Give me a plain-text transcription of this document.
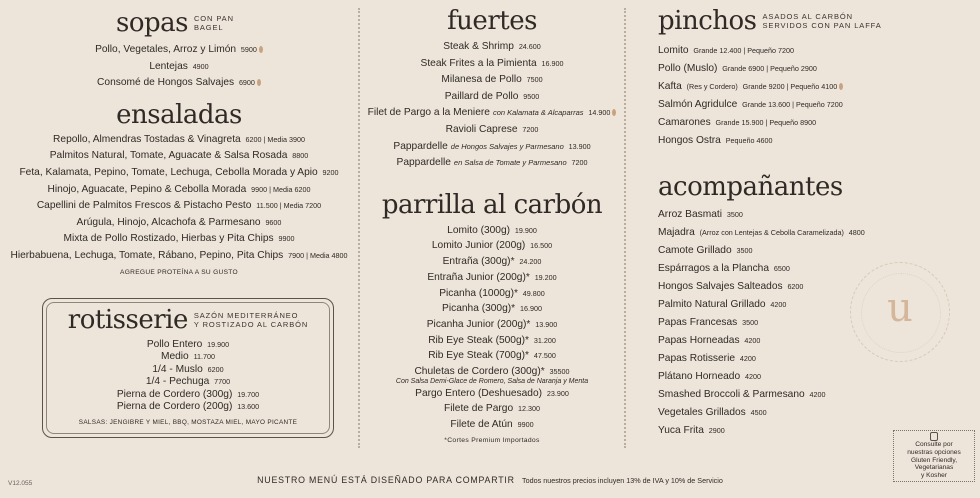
sopas CON PAN BAGEL
Pollo, Vegetales, Arroz y Limón 5900
Lentejas 4900
Consomé de Hongos Salvajes 6900
ensaladas
Repollo, Almendras Tostadas & Vinagreta 6200 | Media 3900
Palmitos Natural, Tomate, Aguacate & Salsa Rosada 8800
Feta, Kalamata, Pepino, Tomate, Lechuga, Cebolla Morada y Apio 9200
Hinojo, Aguacate, Pepino & Cebolla Morada 9900 | Media 6200
Capellini de Palmitos Frescos & Pistacho Pesto 11.500 | Media 7200
Arúgula, Hinojo, Alcachofa & Parmesano 9600
Mixta de Pollo Rostizado, Hierbas y Pita Chips 9900
Hierbabuena, Lechuga, Tomate, Rábano, Pepino, Pita Chips 7900 | Media 4800
AGREGUE PROTEÍNA A SU GUSTO
rotisserie SAZÓN MEDITERRÁNEO
Y ROSTIZADO AL CARBÓN
Pollo Entero 19.900
Medio 11.700
1/4 - Muslo 6200
1/4 - Pechuga 7700
Pierna de Cordero (300g) 19.700
Pierna de Cordero (200g) 13.600
SALSAS: JENGIBRE Y MIEL, BBQ, MOSTAZA MIEL, MAYO PICANTE
fuertes
Steak & Shrimp 24.600
Steak Frites a la Pimienta 16.900
Milanesa de Pollo 7500
Paillard de Pollo 9500
Filet de Pargo a la Meniere con Kalamata & Alcaparras 14.900
Ravioli Caprese 7200
Pappardelle de Hongos Salvajes y Parmesano 13.900
Pappardelle en Salsa de Tomate y Parmesano 7200
parrilla al carbón
Lomito (300g) 19.900
Lomito Junior (200g) 16.500
Entraña (300g)* 24.200
Entraña Junior (200g)* 19.200
Picanha (1000g)* 49.800
Picanha (300g)* 16.900
Picanha Junior (200g)* 13.900
Rib Eye Steak (500g)* 31.200
Rib Eye Steak (700g)* 47.500
Chuletas de Cordero (300g)* 35500
Con Salsa Demi-Glace de Romero, Salsa de Naranja y Menta
Pargo Entero (Deshuesado) 23.900
Filete de Pargo 12.300
Filete de Atún 9900
*Cortes Premium Importados
pinchos ASADOS AL CARBÓN
SERVIDOS CON PAN LAFFA
Lomito Grande 12.400 | Pequeño 7200
Pollo (Muslo) Grande 6900 | Pequeño 2900
Kafta (Res y Cordero) Grande 9200 | Pequeño 4100
Salmón Agridulce Grande 13.600 | Pequeño 7200
Camarones Grande 15.900 | Pequeño 8900
Hongos Ostra Pequeño 4600
acompañantes
Arroz Basmati 3500
Majadra (Arroz con Lentejas & Cebolla Caramelizada) 4800
Camote Grillado 3500
Espárragos a la Plancha 6500
Hongos Salvajes Salteados 6200
Palmito Natural Grillado 4200
Papas Francesas 3500
Papas Horneadas 4200
Papas Rotisserie 4200
Plátano Horneado 4200
Smashed Broccoli & Parmesano 4200
Vegetales Grillados 4500
Yuca Frita 2900
u
Consulte por
nuestras opciones
Gluten Friendly,
Vegetarianas
y Kosher
NUESTRO MENÚ ESTÁ DISEÑADO PARA COMPARTIR Todos nuestros precios incluyen 13% de IVA y 10% de Servicio
V12.055
